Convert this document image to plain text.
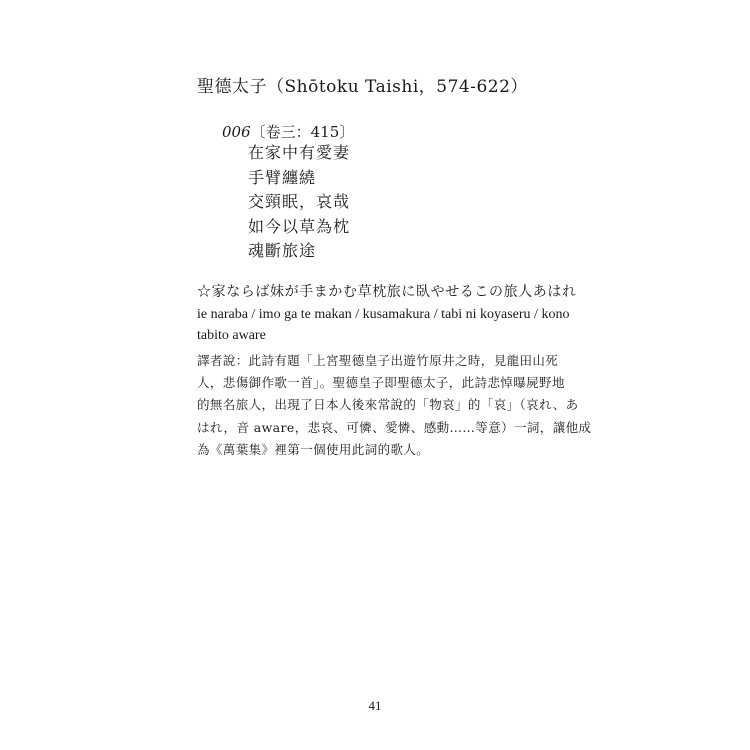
聖德太子（Shōtoku Taishi，574-622）
006〔卷三：415〕
在家中有愛妻
手臂纏繞
交頸眠，哀哉
如今以草為枕
魂斷旅途
☆家ならば妹が手まかむ草枕旅に臥やせるこの旅人あはれ
ie naraba / imo ga te makan / kusamakura / tabi ni koyaseru / kono
tabito aware
譯者說：此詩有題「上宮聖德皇子出遊竹原井之時，見龍田山死
人，悲傷御作歌一首」。聖德皇子即聖德太子，此詩悲悼曝屍野地
的無名旅人，出現了日本人後來常說的「物哀」的「哀」（哀れ、あ
はれ，音 aware，悲哀、可憐、愛憐、感動……等意）一詞，讓他成
為《萬葉集》裡第一個使用此詞的歌人。
41
